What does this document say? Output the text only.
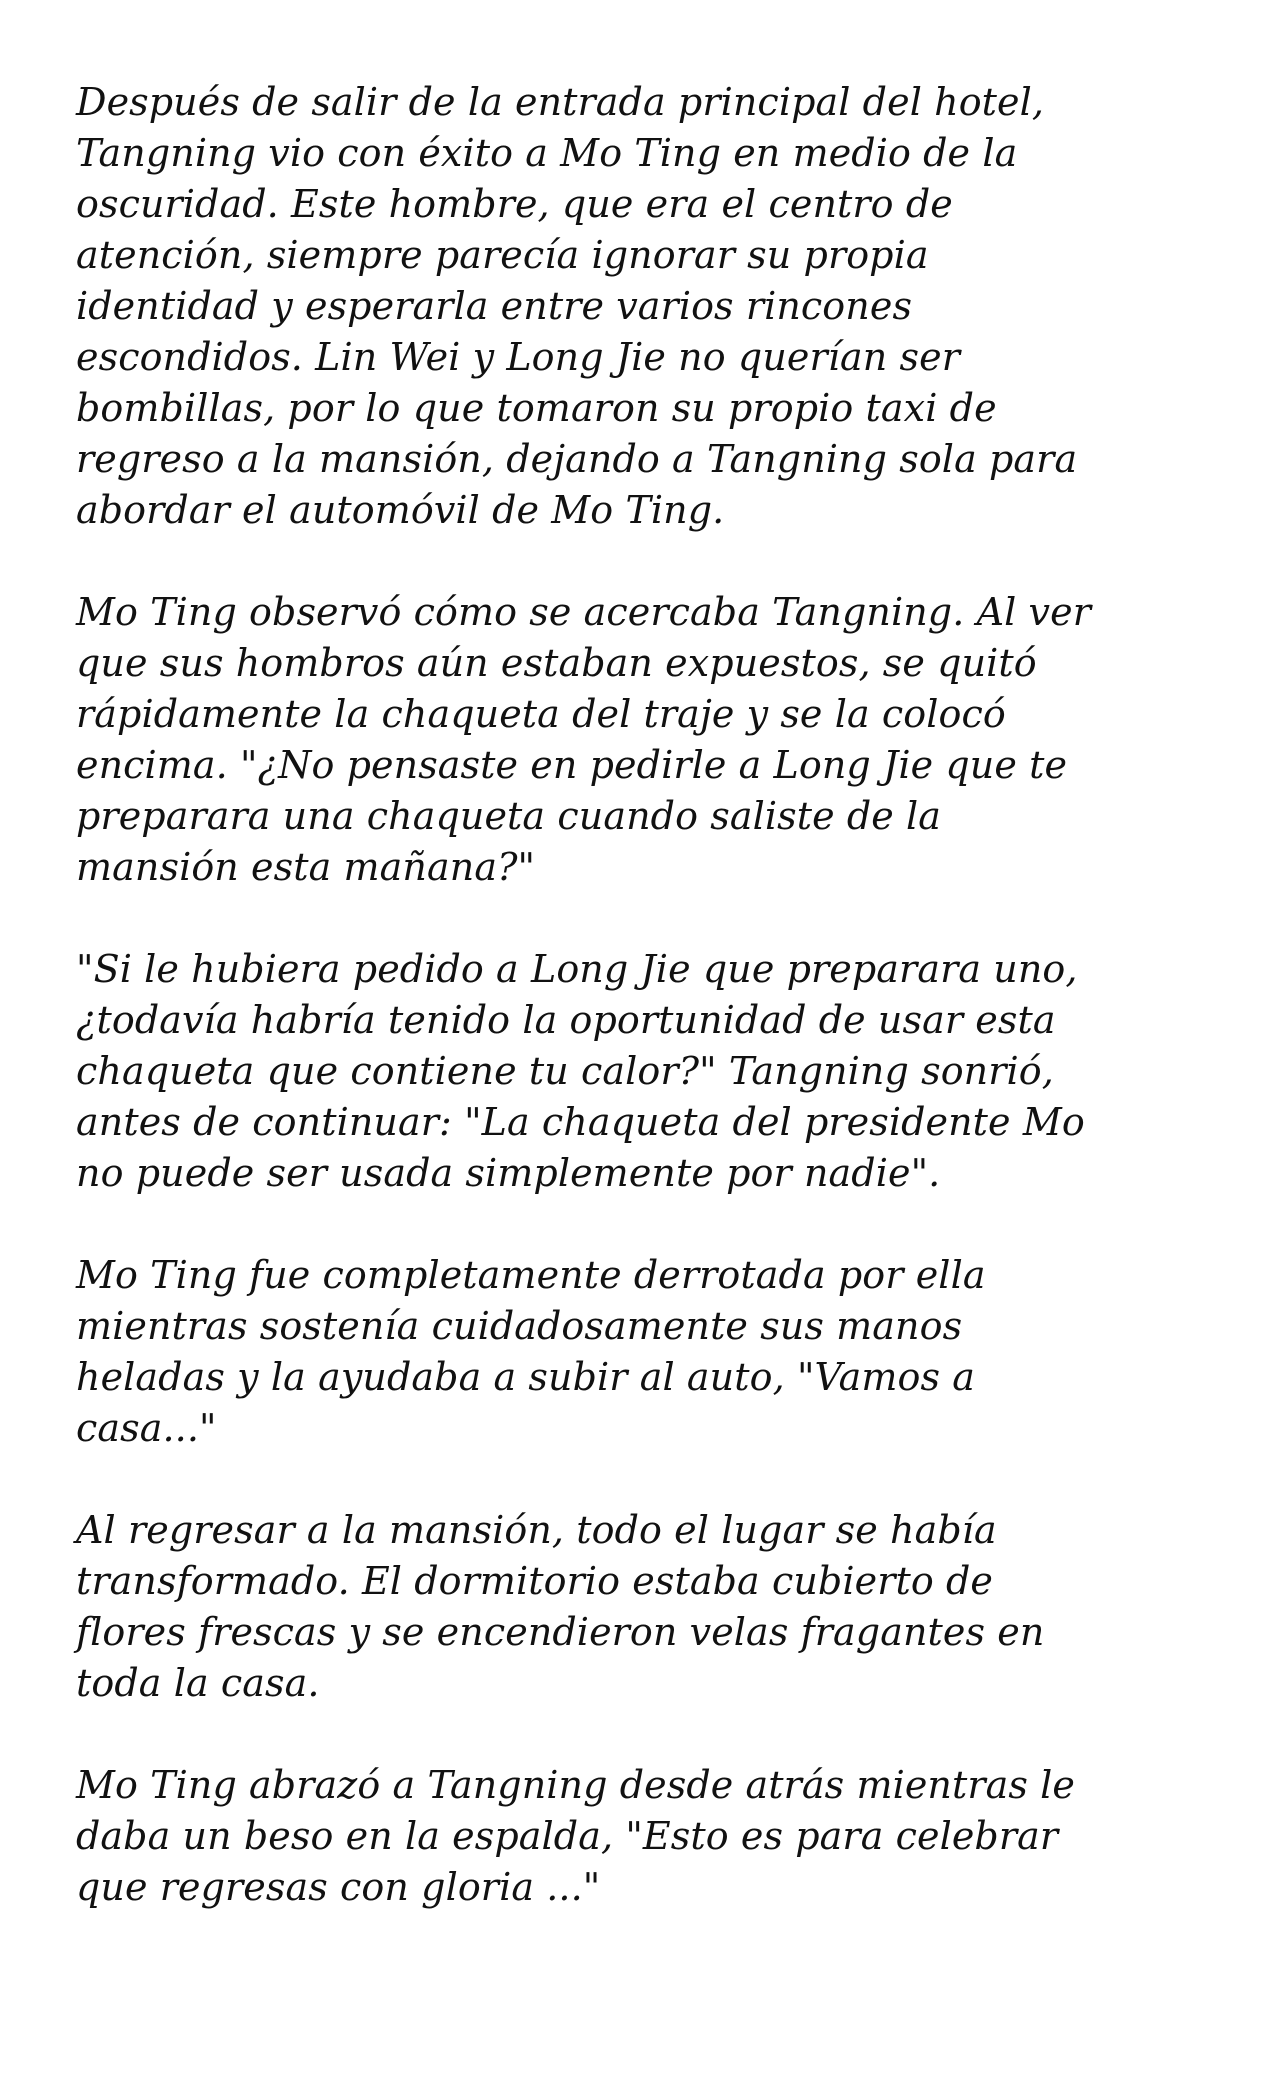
Después de salir de la entrada principal del hotel,
Tangning vio con éxito a Mo Ting en medio de la
oscuridad. Este hombre, que era el centro de
atención, siempre parecía ignorar su propia
identidad y esperarla entre varios rincones
escondidos. Lin Wei y Long Jie no querían ser
bombillas, por lo que tomaron su propio taxi de
regreso a la mansión, dejando a Tangning sola para
abordar el automóvil de Mo Ting.
Mo Ting observó cómo se acercaba Tangning. Al ver
que sus hombros aún estaban expuestos, se quitó
rápidamente la chaqueta del traje y se la colocó
encima. "¿No pensaste en pedirle a Long Jie que te
preparara una chaqueta cuando saliste de la
mansión esta mañana?"
"Si le hubiera pedido a Long Jie que preparara uno,
¿todavía habría tenido la oportunidad de usar esta
chaqueta que contiene tu calor?" Tangning sonrió,
antes de continuar: "La chaqueta del presidente Mo
no puede ser usada simplemente por nadie".
Mo Ting fue completamente derrotada por ella
mientras sostenía cuidadosamente sus manos
heladas y la ayudaba a subir al auto, "Vamos a
casa..."
Al regresar a la mansión, todo el lugar se había
transformado. El dormitorio estaba cubierto de
flores frescas y se encendieron velas fragantes en
toda la casa.
Mo Ting abrazó a Tangning desde atrás mientras le
daba un beso en la espalda, "Esto es para celebrar
que regresas con gloria ..."
